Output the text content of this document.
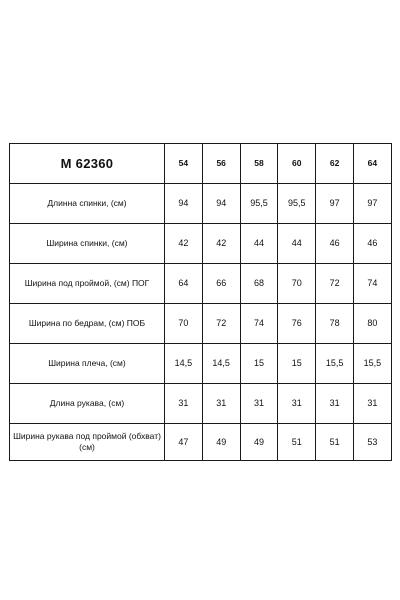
М 62360	54	56	58	60	62	64
Длинна спинки, (см)	94	94	95,5	95,5	97	97
Ширина спинки, (см)	42	42	44	44	46	46
Ширина под проймой, (см) ПОГ	64	66	68	70	72	74
Ширина по бедрам, (см) ПОБ	70	72	74	76	78	80
Ширина плеча, (см)	14,5	14,5	15	15	15,5	15,5
Длина рукава, (см)	31	31	31	31	31	31
Ширина рукава под проймой (обхват) (см)	47	49	49	51	51	53
